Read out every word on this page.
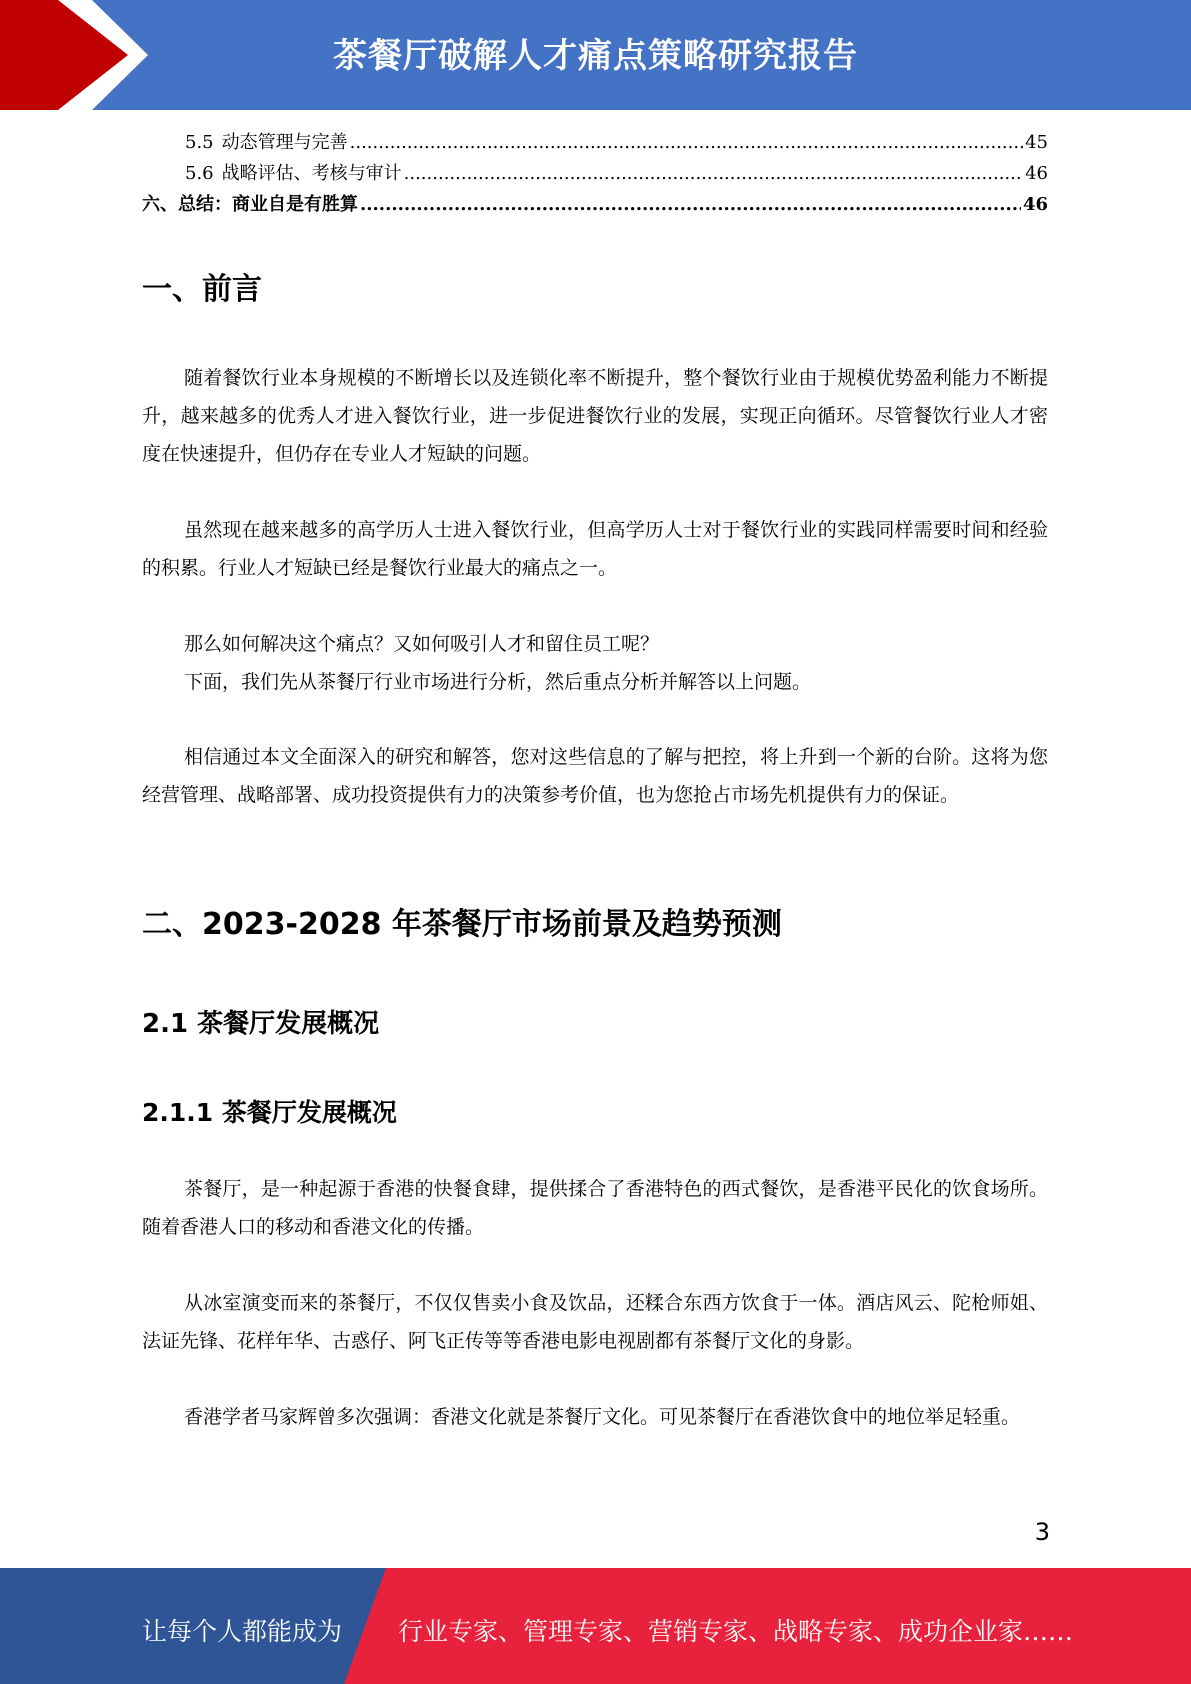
茶餐厅破解人才痛点策略研究报告
5.5 动态管理与完善 .....	45
5.6 战略评估、考核与审计 .....	46
六、总结：商业自是有胜算 .....	46
一、前言

随着餐饮行业本身规模的不断增长以及连锁化率不断提升，整个餐饮行业由于规模优势盈利能力不断提升，越来越多的优秀人才进入餐饮行业，进一步促进餐饮行业的发展，实现正向循环。尽管餐饮行业人才密度在快速提升，但仍存在专业人才短缺的问题。

虽然现在越来越多的高学历人士进入餐饮行业，但高学历人士对于餐饮行业的实践同样需要时间和经验的积累。行业人才短缺已经是餐饮行业最大的痛点之一。

那么如何解决这个痛点？又如何吸引人才和留住员工呢？

下面，我们先从茶餐厅行业市场进行分析，然后重点分析并解答以上问题。

相信通过本文全面深入的研究和解答，您对这些信息的了解与把控，将上升到一个新的台阶。这将为您经营管理、战略部署、成功投资提供有力的决策参考价值，也为您抢占市场先机提供有力的保证。

二、2023-2028 年茶餐厅市场前景及趋势预测
2.1 茶餐厅发展概况
2.1.1 茶餐厅发展概况

茶餐厅，是一种起源于香港的快餐食肆，提供揉合了香港特色的西式餐饮，是香港平民化的饮食场所。随着香港人口的移动和香港文化的传播。

从冰室演变而来的茶餐厅，不仅仅售卖小食及饮品，还糅合东西方饮食于一体。酒店风云、陀枪师姐、法证先锋、花样年华、古惑仔、阿飞正传等等香港电影电视剧都有茶餐厅文化的身影。

香港学者马家辉曾多次强调：香港文化就是茶餐厅文化。可见茶餐厅在香港饮食中的地位举足轻重。

3
让每个人都能成为 行业专家、管理专家、营销专家、战略专家、成功企业家……
